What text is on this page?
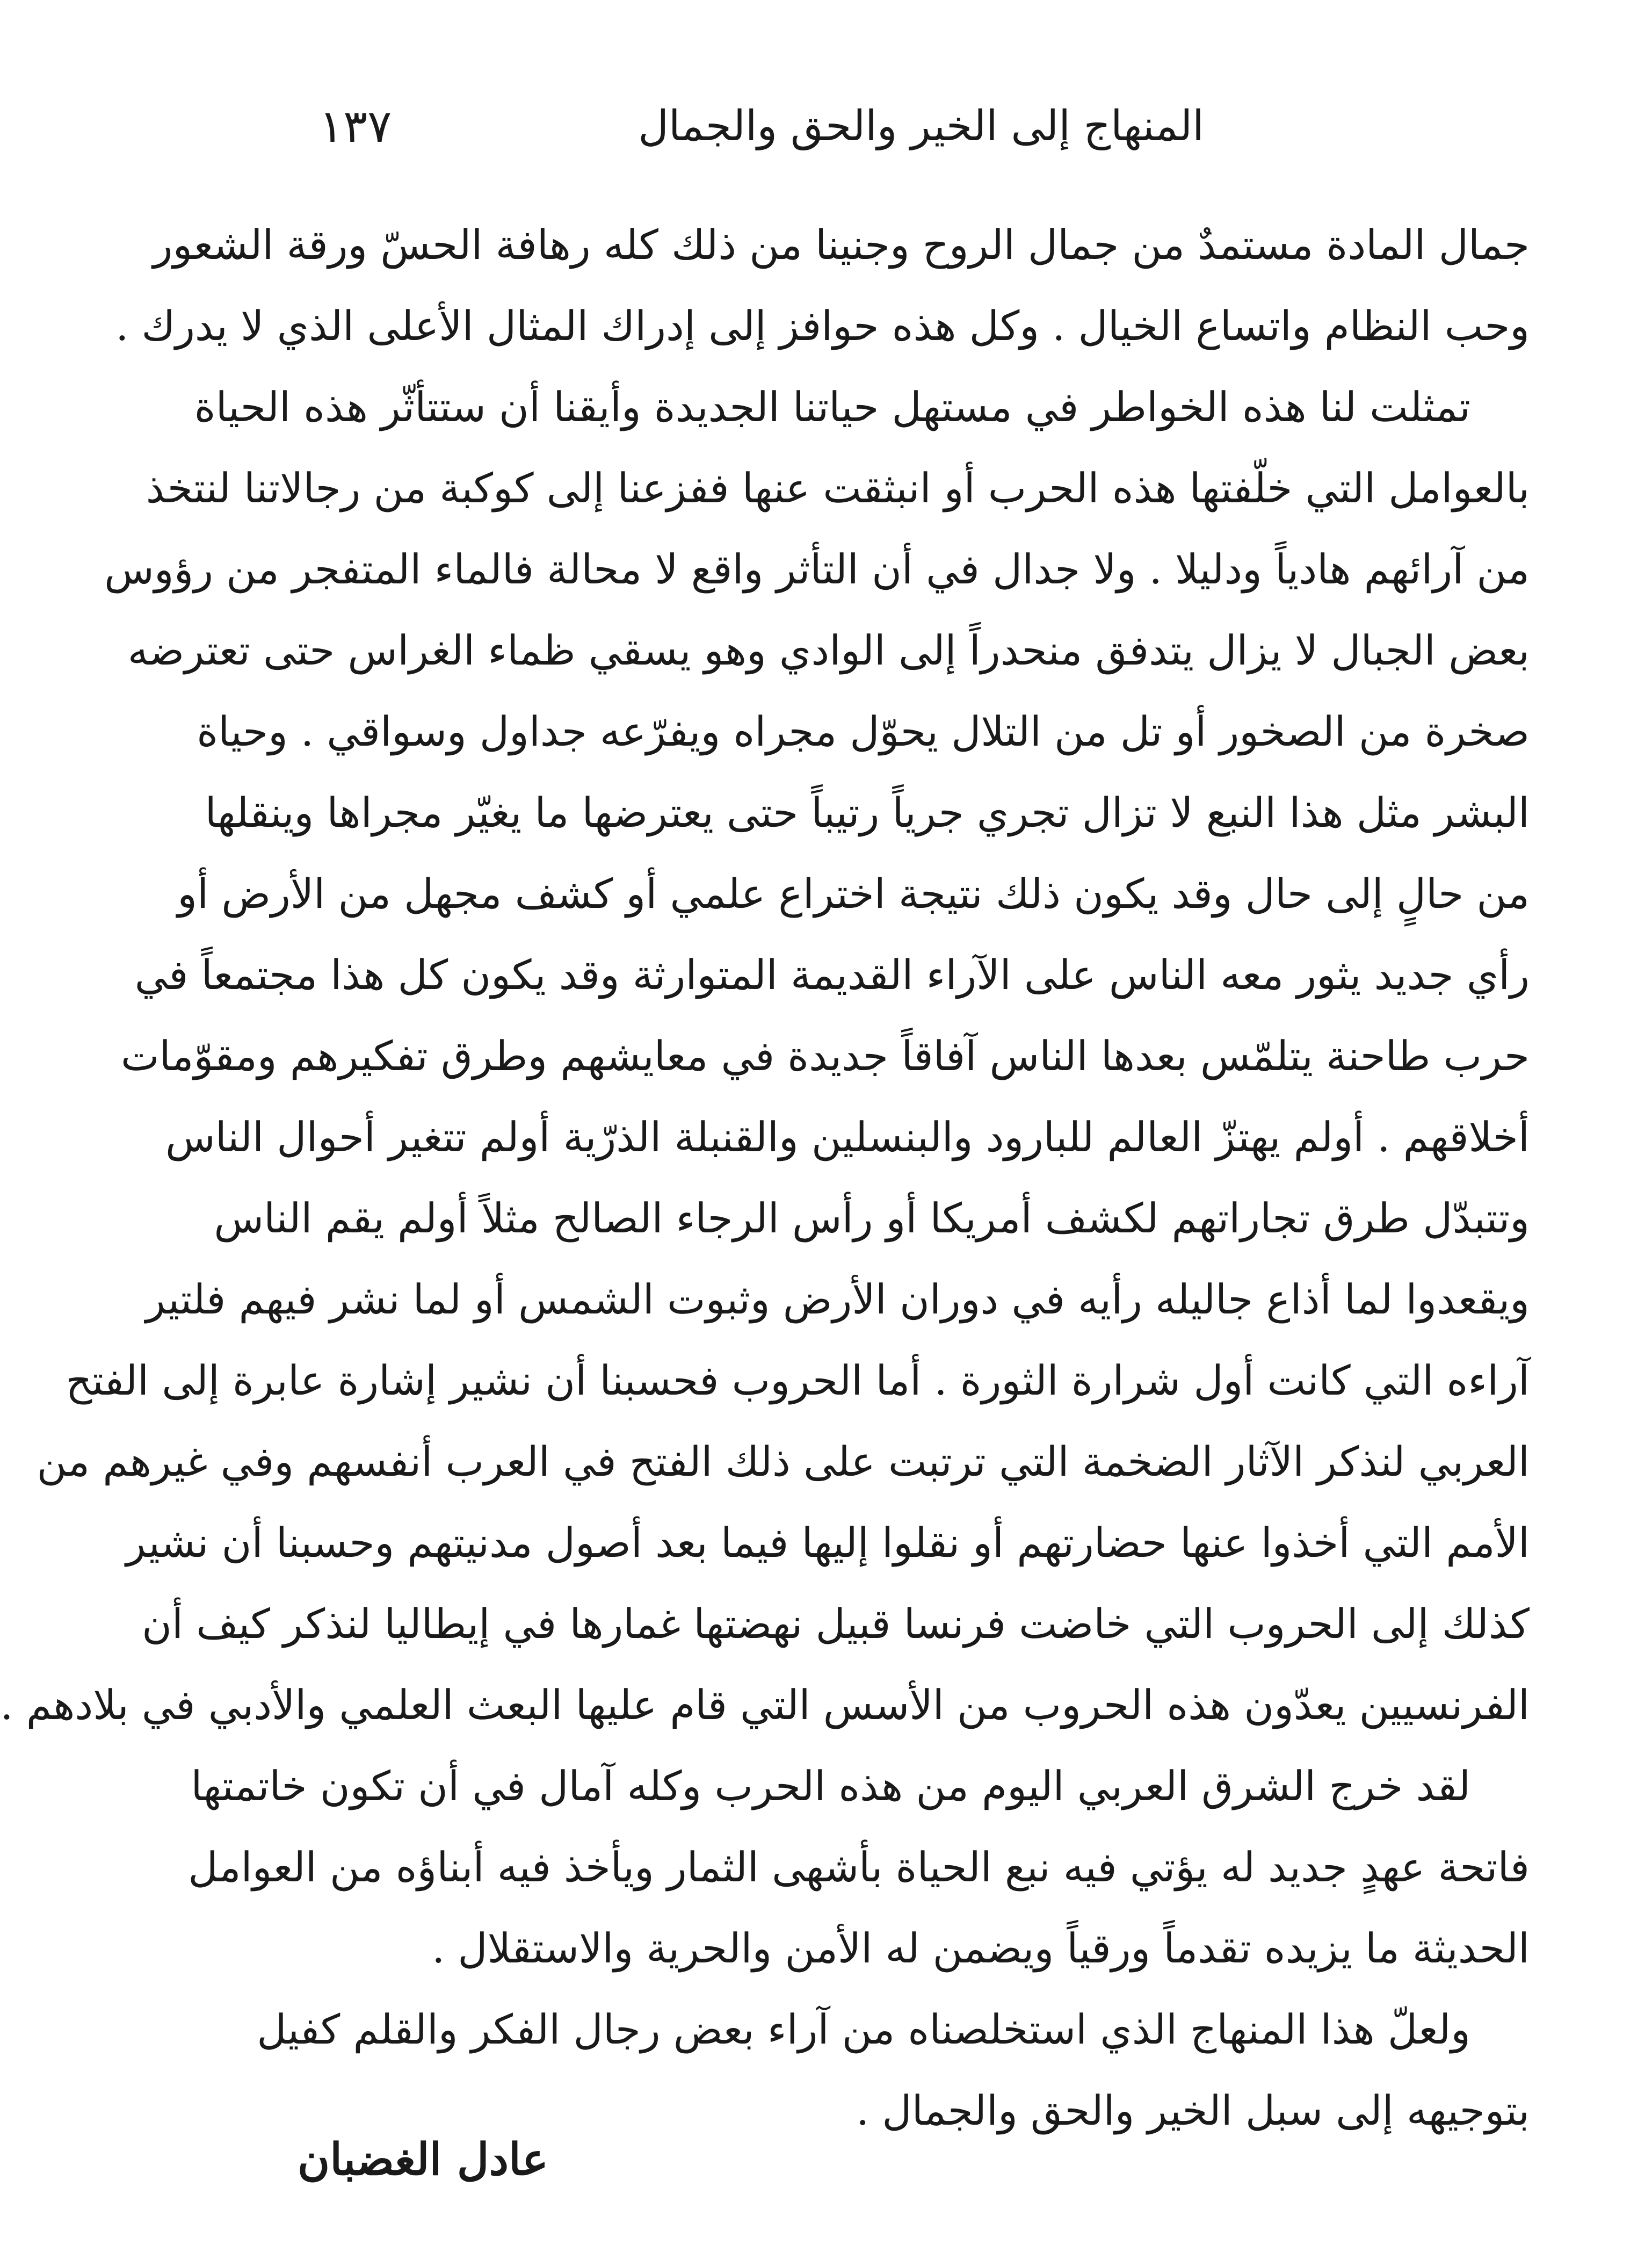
المنهاج إلى الخير والحق والجمال
١٣٧
جمال المادة مستمدٌ من جمال الروح وجنينا من ذلك كله رهافة الحسّ ورقة الشعور
وحب النظام واتساع الخيال . وكل هذه حوافز إلى إدراك المثال الأعلى الذي لا يدرك .
تمثلت لنا هذه الخواطر في مستهل حياتنا الجديدة وأيقنا أن ستتأثّر هذه الحياة
بالعوامل التي خلّفتها هذه الحرب أو انبثقت عنها ففزعنا إلى كوكبة من رجالاتنا لنتخذ
من آرائهم هادياً ودليلا . ولا جدال في أن التأثر واقع لا محالة فالماء المتفجر من رؤوس
بعض الجبال لا يزال يتدفق منحدراً إلى الوادي وهو يسقي ظماء الغراس حتى تعترضه
صخرة من الصخور أو تل من التلال يحوّل مجراه ويفرّعه جداول وسواقي . وحياة
البشر مثل هذا النبع لا تزال تجري جرياً رتيباً حتى يعترضها ما يغيّر مجراها وينقلها
من حالٍ إلى حال وقد يكون ذلك نتيجة اختراع علمي أو كشف مجهل من الأرض أو
رأي جديد يثور معه الناس على الآراء القديمة المتوارثة وقد يكون كل هذا مجتمعاً في
حرب طاحنة يتلمّس بعدها الناس آفاقاً جديدة في معايشهم وطرق تفكيرهم ومقوّمات
أخلاقهم . أولم يهتزّ العالم للبارود والبنسلين والقنبلة الذرّية أولم تتغير أحوال الناس
وتتبدّل طرق تجاراتهم لكشف أمريكا أو رأس الرجاء الصالح مثلاً أولم يقم الناس
ويقعدوا لما أذاع جاليله رأيه في دوران الأرض وثبوت الشمس أو لما نشر فيهم فلتير
آراءه التي كانت أول شرارة الثورة . أما الحروب فحسبنا أن نشير إشارة عابرة إلى الفتح
العربي لنذكر الآثار الضخمة التي ترتبت على ذلك الفتح في العرب أنفسهم وفي غيرهم من
الأمم التي أخذوا عنها حضارتهم أو نقلوا إليها فيما بعد أصول مدنيتهم وحسبنا أن نشير
كذلك إلى الحروب التي خاضت فرنسا قبيل نهضتها غمارها في إيطاليا لنذكر كيف أن
الفرنسيين يعدّون هذه الحروب من الأسس التي قام عليها البعث العلمي والأدبي في بلادهم .
لقد خرج الشرق العربي اليوم من هذه الحرب وكله آمال في أن تكون خاتمتها
فاتحة عهدٍ جديد له يؤتي فيه نبع الحياة بأشهى الثمار ويأخذ فيه أبناؤه من العوامل
الحديثة ما يزيده تقدماً ورقياً ويضمن له الأمن والحرية والاستقلال .
ولعلّ هذا المنهاج الذي استخلصناه من آراء بعض رجال الفكر والقلم كفيل
بتوجيهه إلى سبل الخير والحق والجمال .
عادل الغضبان
